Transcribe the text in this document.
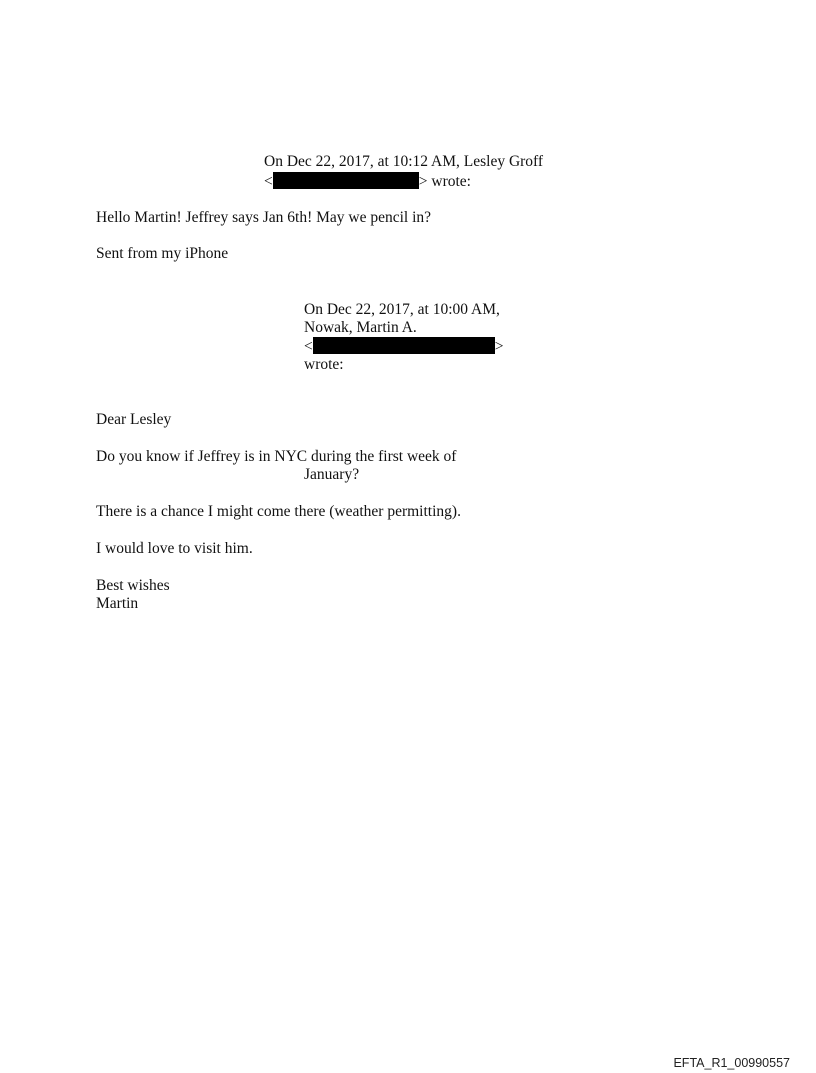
On Dec 22, 2017, at 10:12 AM, Lesley Groff
<	> wrote:
Hello Martin! Jeffrey says Jan 6th! May we pencil in?
Sent from my iPhone
On Dec 22, 2017, at 10:00 AM,
Nowak, Martin A.
<	>
wrote:
Dear Lesley
Do you know if Jeffrey is in NYC during the first week of
January?
There is a chance I might come there (weather permitting).
I would love to visit him.
Best wishes
Martin
EFTA_R1_00990557
